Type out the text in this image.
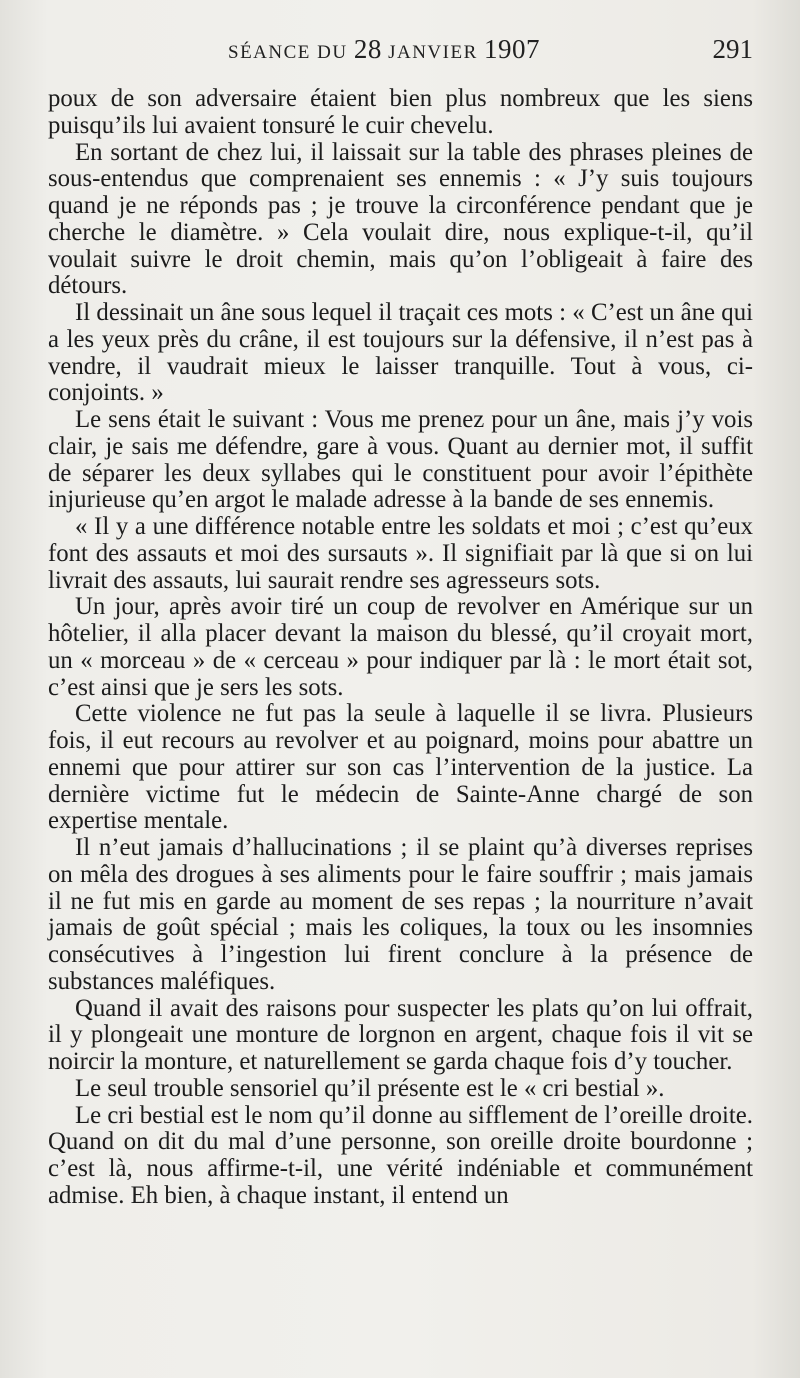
SÉANCE DU 28 JANVIER 1907	291

poux de son adversaire étaient bien plus nombreux que les siens puisqu’ils lui avaient tonsuré le cuir chevelu.

En sortant de chez lui, il laissait sur la table des phrases pleines de sous-entendus que comprenaient ses ennemis : « J’y suis toujours quand je ne réponds pas ; je trouve la circonférence pendant que je cherche le diamètre. » Cela voulait dire, nous explique-t-il, qu’il voulait suivre le droit chemin, mais qu’on l’obligeait à faire des détours.

Il dessinait un âne sous lequel il traçait ces mots : « C’est un âne qui a les yeux près du crâne, il est toujours sur la défensive, il n’est pas à vendre, il vaudrait mieux le laisser tranquille. Tout à vous, ci-conjoints. »

Le sens était le suivant : Vous me prenez pour un âne, mais j’y vois clair, je sais me défendre, gare à vous. Quant au dernier mot, il suffit de séparer les deux syllabes qui le constituent pour avoir l’épithète injurieuse qu’en argot le malade adresse à la bande de ses ennemis.

« Il y a une différence notable entre les soldats et moi ; c’est qu’eux font des assauts et moi des sursauts ». Il signifiait par là que si on lui livrait des assauts, lui saurait rendre ses agresseurs sots.

Un jour, après avoir tiré un coup de revolver en Amérique sur un hôtelier, il alla placer devant la maison du blessé, qu’il croyait mort, un « morceau » de « cerceau » pour indiquer par là : le mort était sot, c’est ainsi que je sers les sots.

Cette violence ne fut pas la seule à laquelle il se livra. Plusieurs fois, il eut recours au revolver et au poignard, moins pour abattre un ennemi que pour attirer sur son cas l’intervention de la justice. La dernière victime fut le médecin de Sainte-Anne chargé de son expertise mentale.

Il n’eut jamais d’hallucinations ; il se plaint qu’à diverses reprises on mêla des drogues à ses aliments pour le faire souffrir ; mais jamais il ne fut mis en garde au moment de ses repas ; la nourriture n’avait jamais de goût spécial ; mais les coliques, la toux ou les insomnies consécutives à l’ingestion lui firent conclure à la présence de substances maléfiques.

Quand il avait des raisons pour suspecter les plats qu’on lui offrait, il y plongeait une monture de lorgnon en argent, chaque fois il vit se noircir la monture, et naturellement se garda chaque fois d’y toucher.

Le seul trouble sensoriel qu’il présente est le « cri bestial ».

Le cri bestial est le nom qu’il donne au sifflement de l’oreille droite. Quand on dit du mal d’une personne, son oreille droite bourdonne ; c’est là, nous affirme-t-il, une vérité indéniable et communément admise. Eh bien, à chaque instant, il entend un
